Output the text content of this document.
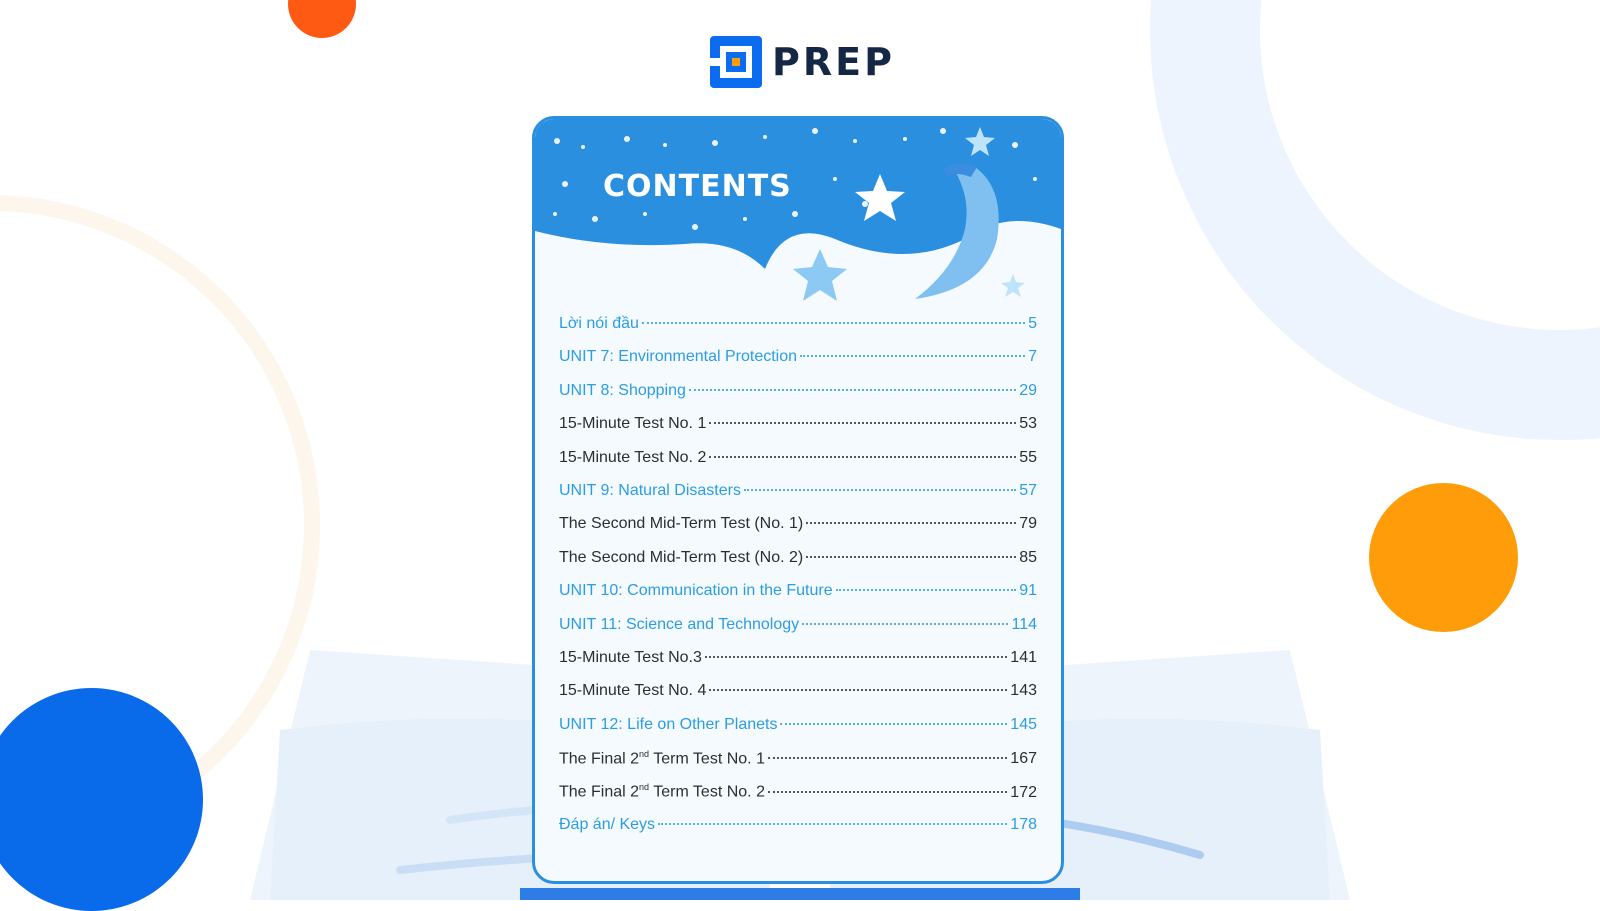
PREP
CONTENTS
Lời nói đầu	5
UNIT 7: Environmental Protection	7
UNIT 8: Shopping	29
15-Minute Test No. 1	53
15-Minute Test No. 2	55
UNIT 9: Natural Disasters	57
The Second Mid-Term Test (No. 1)	79
The Second Mid-Term Test (No. 2)	85
UNIT 10: Communication in the Future	91
UNIT 11: Science and Technology	114
15-Minute Test No.3	141
15-Minute Test No. 4	143
UNIT 12: Life on Other Planets	145
The Final 2nd Term Test No. 1	167
The Final 2nd Term Test No. 2	172
Đáp án/ Keys	178
